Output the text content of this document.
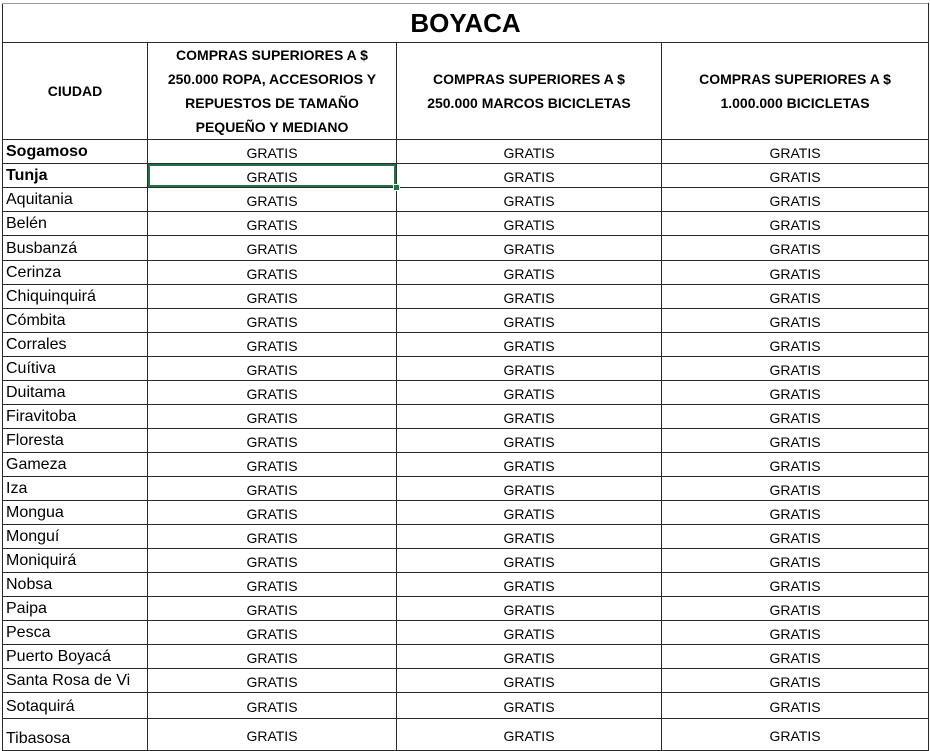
BOYACA			

CIUDAD	COMPRAS SUPERIORES A $
250.000 ROPA, ACCESORIOS Y
REPUESTOS DE TAMAÑO
PEQUEÑO Y MEDIANO	COMPRAS SUPERIORES A $
250.000 MARCOS BICICLETAS	COMPRAS SUPERIORES A $
1.000.000 BICICLETAS

Sogamoso	GRATIS	GRATIS	GRATIS
Tunja	GRATIS	GRATIS	GRATIS
Aquitania	GRATIS	GRATIS	GRATIS
Belén	GRATIS	GRATIS	GRATIS
Busbanzá	GRATIS	GRATIS	GRATIS
Cerinza	GRATIS	GRATIS	GRATIS
Chiquinquirá	GRATIS	GRATIS	GRATIS
Cómbita	GRATIS	GRATIS	GRATIS
Corrales	GRATIS	GRATIS	GRATIS
Cuítiva	GRATIS	GRATIS	GRATIS
Duitama	GRATIS	GRATIS	GRATIS
Firavitoba	GRATIS	GRATIS	GRATIS
Floresta	GRATIS	GRATIS	GRATIS
Gameza	GRATIS	GRATIS	GRATIS
Iza	GRATIS	GRATIS	GRATIS
Mongua	GRATIS	GRATIS	GRATIS
Monguí	GRATIS	GRATIS	GRATIS
Moniquirá	GRATIS	GRATIS	GRATIS
Nobsa	GRATIS	GRATIS	GRATIS
Paipa	GRATIS	GRATIS	GRATIS
Pesca	GRATIS	GRATIS	GRATIS
Puerto Boyacá	GRATIS	GRATIS	GRATIS
Santa Rosa de Vi	GRATIS	GRATIS	GRATIS
Sotaquirá	GRATIS	GRATIS	GRATIS
Tibasosa	GRATIS	GRATIS	GRATIS
